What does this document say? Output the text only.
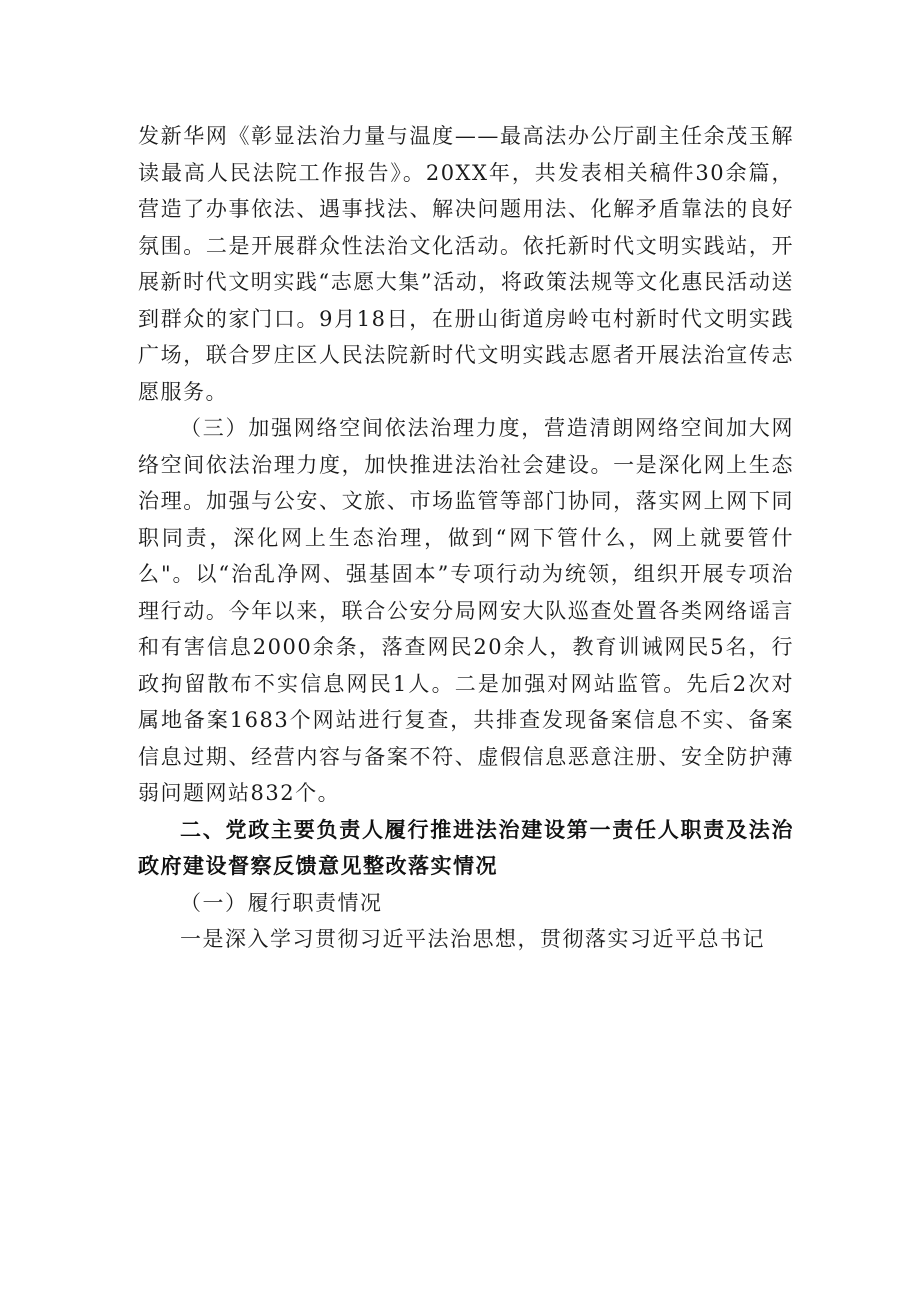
发新华网《彰显法治力量与温度——最高法办公厅副主任余茂玉解读最高人民法院工作报告》。20XX年，共发表相关稿件30余篇，营造了办事依法、遇事找法、解决问题用法、化解矛盾靠法的良好氛围。二是开展群众性法治文化活动。依托新时代文明实践站，开展新时代文明实践“志愿大集”活动，将政策法规等文化惠民活动送到群众的家门口。9月18日，在册山街道房岭屯村新时代文明实践广场，联合罗庄区人民法院新时代文明实践志愿者开展法治宣传志愿服务。

（三）加强网络空间依法治理力度，营造清朗网络空间加大网络空间依法治理力度，加快推进法治社会建设。一是深化网上生态治理。加强与公安、文旅、市场监管等部门协同，落实网上网下同职同责，深化网上生态治理，做到“网下管什么，网上就要管什么"。以“治乱净网、强基固本”专项行动为统领，组织开展专项治理行动。今年以来，联合公安分局网安大队巡查处置各类网络谣言和有害信息2000余条，落查网民20余人，教育训诫网民5名，行政拘留散布不实信息网民1人。二是加强对网站监管。先后2次对属地备案1683个网站进行复查，共排查发现备案信息不实、备案信息过期、经营内容与备案不符、虚假信息恶意注册、安全防护薄弱问题网站832个。

二、党政主要负责人履行推进法治建设第一责任人职责及法治政府建设督察反馈意见整改落实情况

（一）履行职责情况

一是深入学习贯彻习近平法治思想，贯彻落实习近平总书记
